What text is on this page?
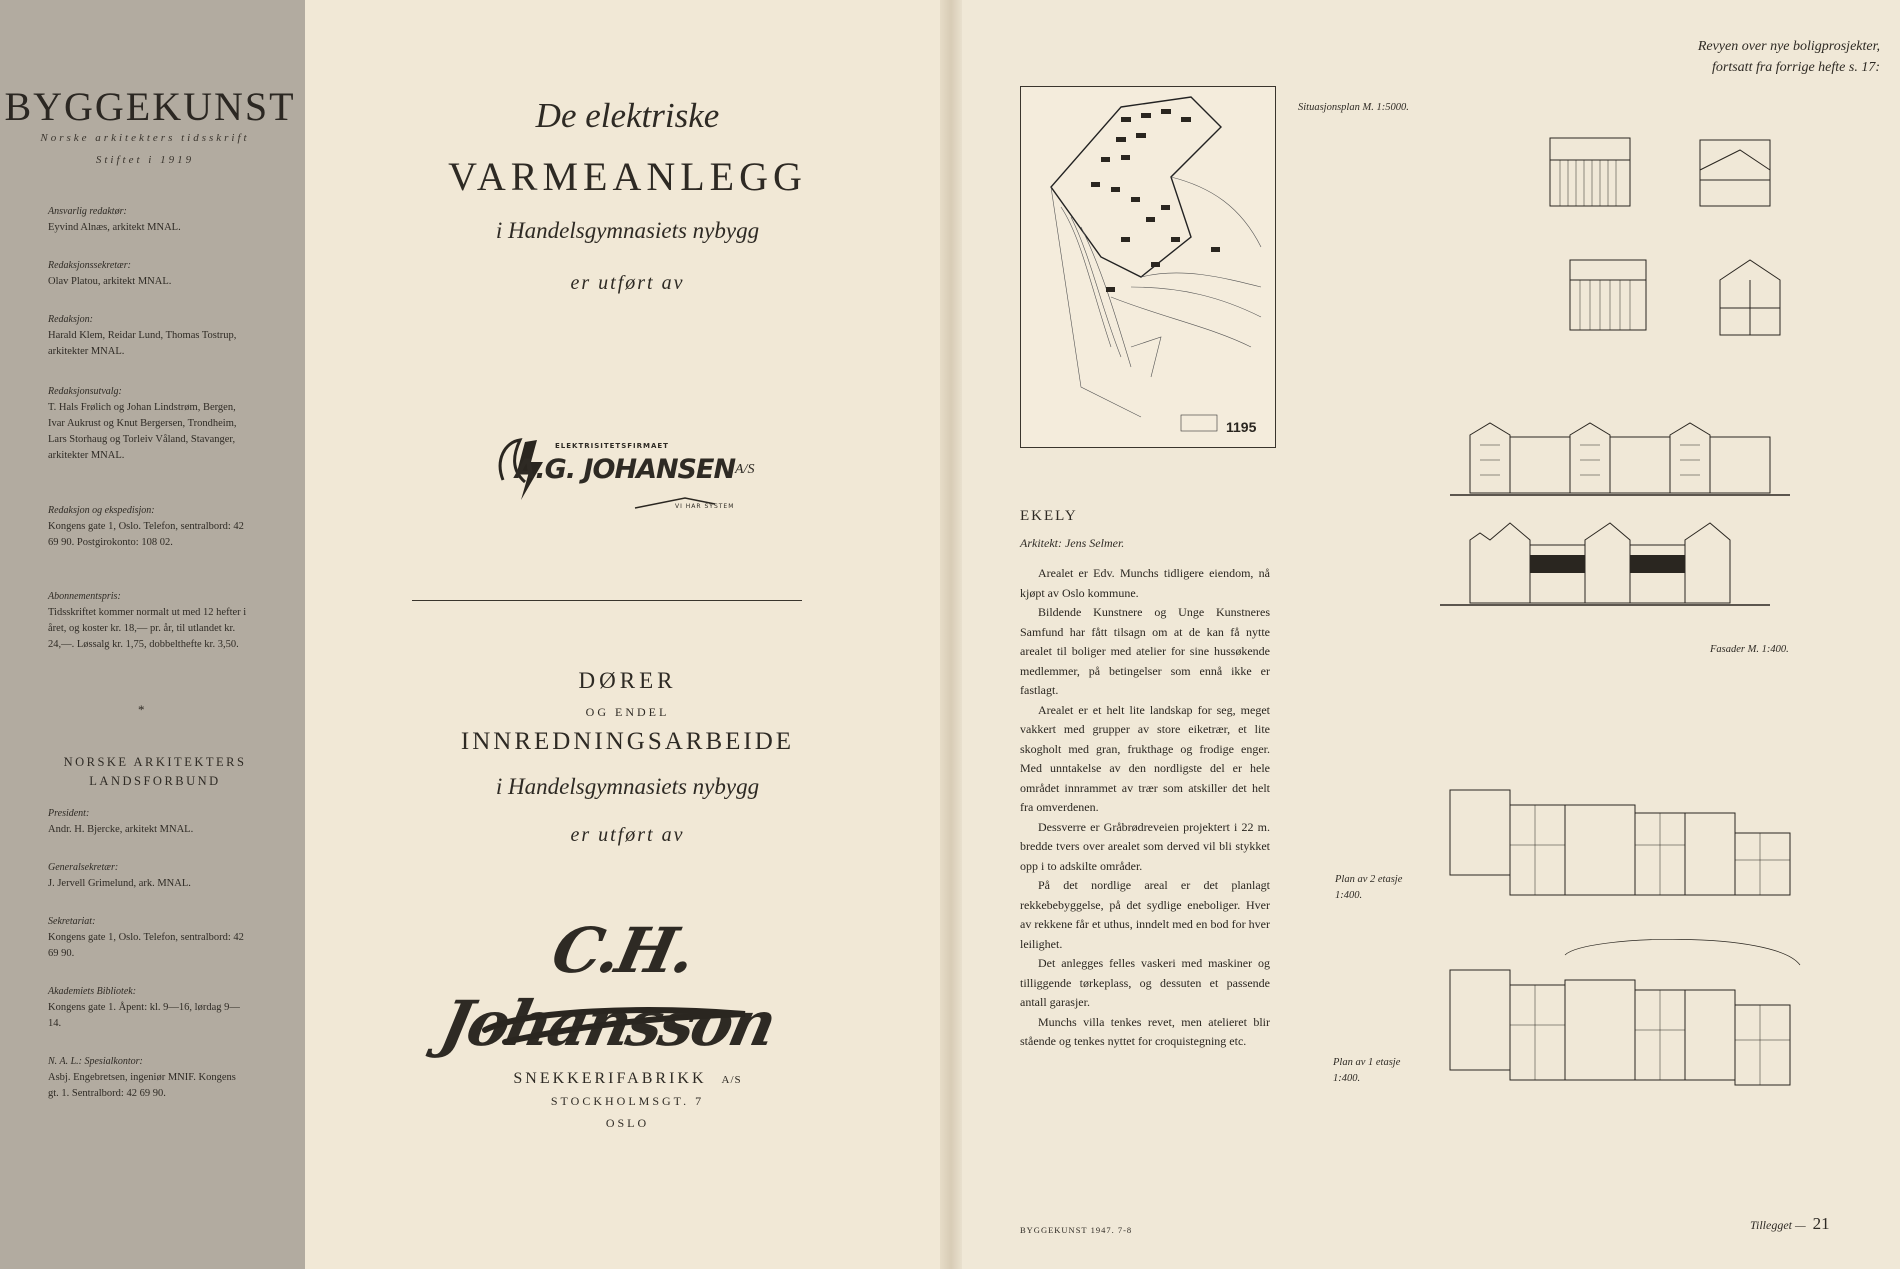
BYGGEKUNST
Norske arkitekters tidsskrift
Stiftet i 1919
Ansvarlig redaktør:
Eyvind Alnæs, arkitekt MNAL.
Redaksjonssekretær:
Olav Platou, arkitekt MNAL.
Redaksjon:
Harald Klem, Reidar Lund, Thomas Tostrup, arkitekter MNAL.
Redaksjonsutvalg:
T. Hals Frølich og Johan Lindstrøm, Bergen, Ivar Aukrust og Knut Bergersen, Trondheim, Lars Storhaug og Torleiv Våland, Stavanger, arkitekter MNAL.
Redaksjon og ekspedisjon:
Kongens gate 1, Oslo. Telefon, sentralbord: 42 69 90. Postgirokonto: 108 02.
Abonnementspris:
Tidsskriftet kommer normalt ut med 12 hefter i året, og koster kr. 18,— pr. år, til utlandet kr. 24,—. Løssalg kr. 1,75, dobbelthefte kr. 3,50.
*
NORSKE ARKITEKTERS LANDSFORBUND
President:
Andr. H. Bjercke, arkitekt MNAL.
Generalsekretær:
J. Jervell Grimelund, ark. MNAL.
Sekretariat:
Kongens gate 1, Oslo. Telefon, sentralbord: 42 69 90.
Akademiets Bibliotek:
Kongens gate 1. Åpent: kl. 9—16, lørdag 9—14.
N. A. L.: Spesialkontor:
Asbj. Engebretsen, ingeniør MNIF. Kongens gt. 1. Sentralbord: 42 69 90.
De elektriske
VARMEANLEGG
i Handelsgymnasiets nybygg
er utført av
ELEKTRISITETSFIRMAET
A.G. JOHANSEN A/S
VI HAR SYSTEM
DØRER
OG ENDEL
INNREDNINGSARBEIDE
i Handelsgymnasiets nybygg
er utført av
C.H. Johansson
SNEKKERIFABRIKK A/S
STOCKHOLMSGT. 7
OSLO
Revyen over nye boligprosjekter,
fortsatt fra forrige hefte s. 17:
1195
Situasjonsplan M. 1:5000.
Fasader M. 1:400.
Plan av 2 etasje 1:400.
Plan av 1 etasje 1:400.
EKELY
Arkitekt: Jens Selmer.
Arealet er Edv. Munchs tidligere eiendom, nå kjøpt av Oslo kommune.
Bildende Kunstnere og Unge Kunstneres Samfund har fått tilsagn om at de kan få nytte arealet til boliger med atelier for sine hussøkende medlemmer, på betingelser som ennå ikke er fastlagt.
Arealet er et helt lite landskap for seg, meget vakkert med grupper av store eiketrær, et lite skogholt med gran, frukthage og frodige enger. Med unntakelse av den nordligste del er hele området innrammet av trær som atskiller det helt fra omverdenen.
Dessverre er Gråbrødreveien projektert i 22 m. bredde tvers over arealet som derved vil bli stykket opp i to adskilte områder.
På det nordlige areal er det planlagt rekkebebyggelse, på det sydlige eneboliger. Hver av rekkene får et uthus, inndelt med en bod for hver leilighet.
Det anlegges felles vaskeri med maskiner og tilliggende tørkeplass, og dessuten et passende antall garasjer.
Munchs villa tenkes revet, men atelieret blir stående og tenkes nyttet for croquistegning etc.
BYGGEKUNST 1947. 7-8	Tillegget — 21
